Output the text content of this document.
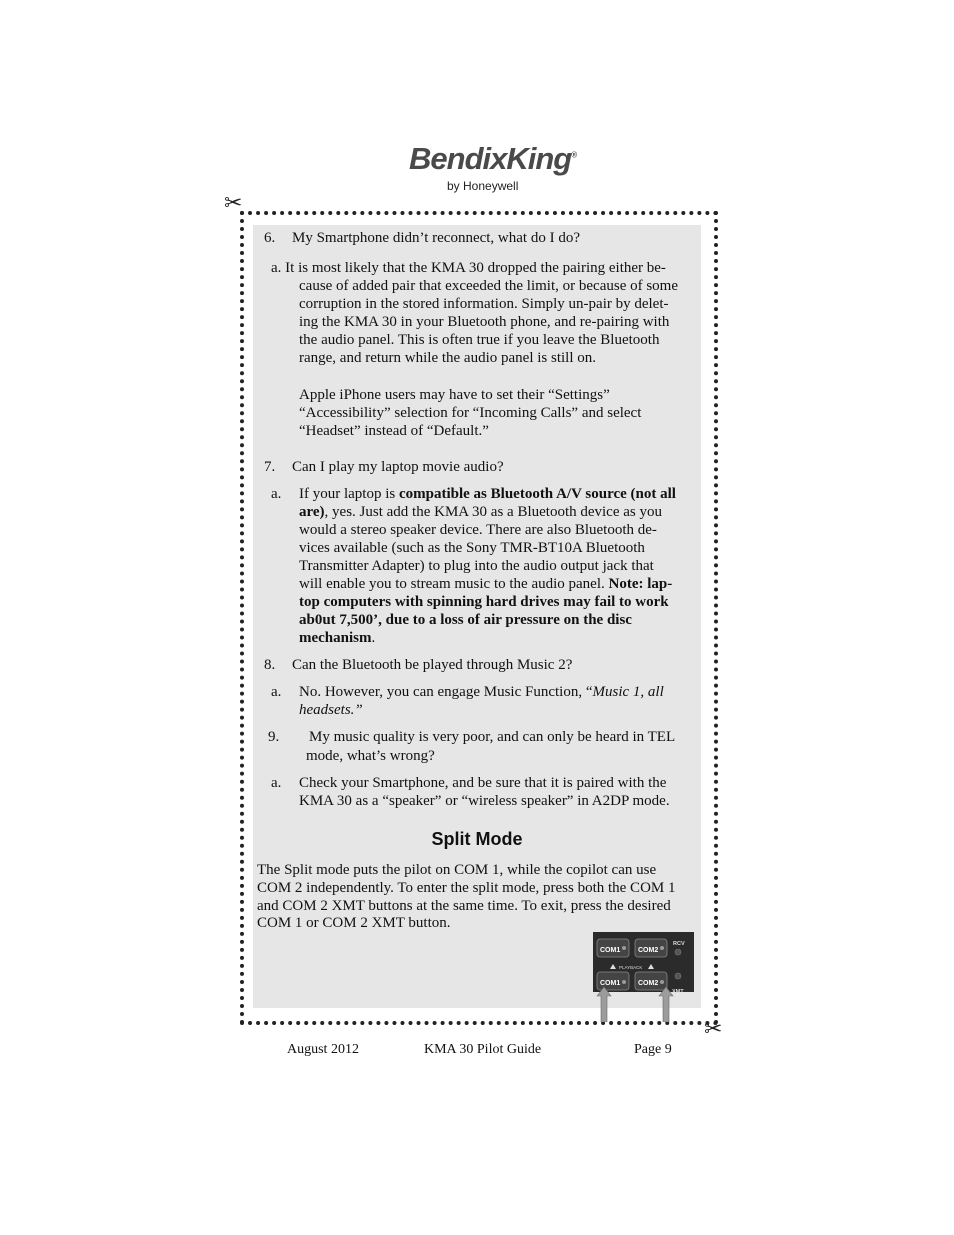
BendixKing®
by Honeywell
✂
✂
6. My Smartphone didn’t reconnect, what do I do?
a. It is most likely that the KMA 30 dropped the pairing either be-
cause of added pair that exceeded the limit, or because of some
corruption in the stored information. Simply un-pair by delet-
ing the KMA 30 in your Bluetooth phone, and re-pairing with
the audio panel. This is often true if you leave the Bluetooth
range, and return while the audio panel is still on.
Apple iPhone users may have to set their “Settings”
“Accessibility” selection for “Incoming Calls” and select
“Headset” instead of “Default.”
7. Can I play my laptop movie audio?
a. If your laptop is compatible as Bluetooth A/V source (not all
are), yes. Just add the KMA 30 as a Bluetooth device as you
would a stereo speaker device. There are also Bluetooth de-
vices available (such as the Sony TMR-BT10A Bluetooth
Transmitter Adapter) to plug into the audio output jack that
will enable you to stream music to the audio panel. Note: lap-
top computers with spinning hard drives may fail to work
ab0ut 7,500’, due to a loss of air pressure on the disc
mechanism.
8. Can the Bluetooth be played through Music 2?
a. No. However, you can engage Music Function, “Music 1, all
headsets.”
9. My music quality is very poor, and can only be heard in TEL
mode, what’s wrong?
a. Check your Smartphone, and be sure that it is paired with the
KMA 30 as a “speaker” or “wireless speaker” in A2DP mode.
Split Mode
The Split mode puts the pilot on COM 1, while the copilot can use
COM 2 independently. To enter the split mode, press both the COM 1
and COM 2 XMT buttons at the same time. To exit, press the desired
COM 1 or COM 2 XMT button.
COM1	COM2
RCV
PLAYBACK
COM1	COM2
XMT
August 2012	KMA 30 Pilot Guide	Page 9
